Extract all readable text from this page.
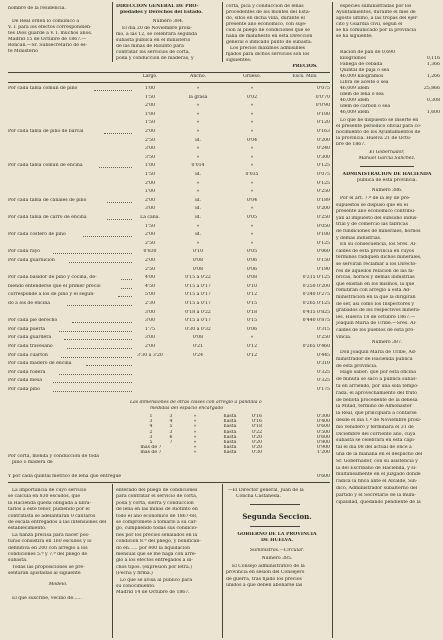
nombre de la residencia.
De Real órden lo comunico á
V. I. para los efectos correspondien-
tes Dios guarde á V. I. muchos años.
Madrid 15 de Octubre de 1867.—
Roncali.—Sr. Subsecretario de es-
te Ministerio
DIRECCION GENERAL DE PRO-
piedades y Derechos del Estado.
Número 384.
El dia 20 de Noviembre próxi-
mo, á las 12, se celebrará segunda
subasta pública en el ministerio
de las minas de Rioíinto para
contratar los servicios de corta,
poda y conduccion de maderas, y
corta, pica y conduccion de leñas
procedentes de los montes del Esta-
do, sitos en dicha villa, durante el
presente año económico, con suje-
cion al pliego de condiciones que se
halla de manifiesto en esta Direccion
general é indicado punto de subasta.
Los precios máximos admisibles
fijados para dichos servicios son los
siguientes:
especies suministradas por los
Ayuntamientos, durante el mes de
agosto último, á las tropas del ejér-
cito y Guardia civil, según el
se ha comunicado por la provincia
se ha siguiente:
PRECIOS.
Largo.	Ancho.	Grueso.	Escs. Mils.
Por cada tabla comun de pino	1'00	»	»	0'075
1'50	la grasa	0'02	0'0'70
2'00	»	»	0'0'90
1'00	»	»	0'100
1'50	»	»	0'120
Por cada tabla de pino de barcal	2'00	»	»	0'163
2'50	id.	0'04	0'200
3'00	»	»	0'240
3'50	»	»	0'300
Por cada tabla comun de encina	1'00	0'014	»	0'125
1'50	id.	0'035	0'075
2'00	»	»	0'125
1'00	»	»	0'250
Por cada tabla de canales de pino	2'00	id.	0'04	0'189
3'00	id.	»	0'200
Por cada tabla de carro de encina	La caña.	id.	0'05	0'250
1'50	»	»	0'050
Por cada costero de pino	2'00	id.	»	0'100
2'50	»	»	0'125
Por cada rayo	0'830	0'10	0'05	0'060
Por cada guarnicion	2'00	0'08	0'06	0'150
2'50	0'08	0'06	0'190
Por cada basidor de pino y cocina, de-	4'00	0'15 á 0'22	0'08	0'215 0'125
biendo entenderse que el primer precio	4'50	0'15 á 0'17	0'10	0'250 0'200
corresponde á los de pino y el segun-	5'00	0'15 á 0'17	0'12	0'340 0'275
do á los de encina	2'30	0'15 á 0'17	0'15	0'265 0'125
3'00	0'18 á 0'22	0'18	0'415 0'825
Por cada pie derecho	3'00	0'15 á 0'17	0'15	0'440 0'875
Por cada puerta	1'75	0'30 á 0'32	0'06	0'315
Por cada guardera	3'00	0'08	»	0'250
Por cada travesaño	2'00	0'21	0'12	0'265 0'460
Por cada cuarton	3'30 á 3'20	0'24	0'12	0'445
Por cada madero de encina	0'310
Por cada rodera	0'325
Por cada mesa	0'325
Por cada pino	0'175
Las dimensiones de otras clases con arreglo á pandilla ó
medidas del espacio encargado
1	3	»	hasta	0'16	0'300
3	4	»	hasta	0'16	0'400
4	5	»	hasta	0'18	0'600
2	3	»	hasta	0'22	0'500
3	6	»	hasta	0'20	0'600
5	7	»	hasta	0'20	0'800
más de 7	»	hasta	0'20	0'900
más de 7	»	hasta	0'30	1'200
Por corta, monda y conduccion de toda
pino ó madera de
Y por cada quintal métrico de leña que entregue	0'600
Racion de pan de 0,690
kilógramos	0,116
Fanega de cebada	1,366
Quintal de paja ó sea
46,009 kilógramos	1,266
Libra de aceite ó sea
46,009 idem	25,866
Idem de leña ó sea
46,009 idem	0,308
Idem de carbon ó sea
46,009 idem	1,600
Lo que he dispuesto se inserte en
el presente periódico oficial para co-
nocimiento de los Ayuntamientos de
la provincia. Huelva 21 de Octu-
bre de 1867.
El Gobernador,
Manuel Garcia Sanchez.
ADMINISTRACION DE HACIENDA
pública de esta provincia.
Número 386.
Por el art. 7.º de la ley de pre-
supuestos se dispuso que en el
presente año económico contribu-
yan al impuesto del subsidio indus-
trial y de comercio las fábricas
de fundiciones de minerales, hornos
y demás industrias.
En su consecuencia, los Sres. Al-
caldes de esta provincia en cuyos
términos radiquen dichos minerales,
se servirán reclamar á los Directo-
res de aquellos relacion de las fá-
bricas, hornos y demás industrias
que existan en los mismos, la que
remitirán con arreglo á esta Ad-
ministracion en la que la dirigirán
de ser, asi como los Inspectores y
grabados de los respectivos minera-
les. Huelva 18 de octubre 1867.—
Joaquin María de Uribe.—Sres. Al-
caldes de los pueblos de esta pro-
vincia.
Número 387.
Don Joaquin María de Uribe, Ad-
ministrador de Hacienda pública
de esta provincia.
Hago saber: que por esta oficina
de minuta se sacó á pública subas-
ta en arriendo, por una sola tempo-
rada, el aprovechamiento del fruto
de bellota procedente de la dehesa
la Mitad, término de Almonaster
la Real, que principiará á contarse
desde el día 1.º de Noviembre próxi-
mo venidero y terminará el 31 de
Diciembre del corriente año, cuya
subasta se celebrará en esta capi-
tal el día 08 del actual de once á
una de la mañana en el despacho del
Sr. Gobernador, con su asistencia y
la del Escribano de Hacienda, y si-
multáneamente en el juzgado donde
radica la finca ante el Alcalde, Sín-
dico, Administrador subalterno del
partido y el Secretario de la muni-
cipalidad, quedando pendiente de la
La importancia de cuyo servicio
se calcula en 830 escudos, que
la Hacienda queda obligada á libra-
tarlos á este tenor, pudiendo por el
contratista se adelantaran 0 cántaros
de escala entregados á las intensiones del
establecimiento.
La fianza precisa para hacer pos-
turas consistirá en 160 escudos y lo
definitiva en 200 con arreglo á los
condiciones 5.ª y 7.ª del pliego de
subasta.
Todas las proposiciones se pre-
sentarán ajustadas al siguiente
Modelo.
El que suscribe, vecino de......
enterado del pliego de condiciones
para contratar el servicio de corta,
poda y corta, sierra y conduccion
de leña en las minas de Riotinto en
todo el año económico de 1867-68,
se compromete á tomarlo á su car-
go, cumpliendo todas sus condicio-
nes por los precios señalados en la
condición 8.ª del pliego, y bonifican-
do en...... por 800 la liquidación
mensual que se me haga con arre-
glo á los efectos entregados á di-
chos tipos. (expresión por letra.)
(Fecha y firma.)
Lo que se avisa al público para
su conocimiento.
Madrid 14 de Octubre de 1867.
—El Director general, Juan de la
Concha Castañeda.
Segunda Seccion.
GOBIERNO DE LA PROVINCIA
DE HUELVA.
Suministros.—Circular.
Número 385.
El Consejo administrativo de la
provincia en sesion del Consejero
de guerra, tras fijado los precios
unidos á que deben abonarse las
